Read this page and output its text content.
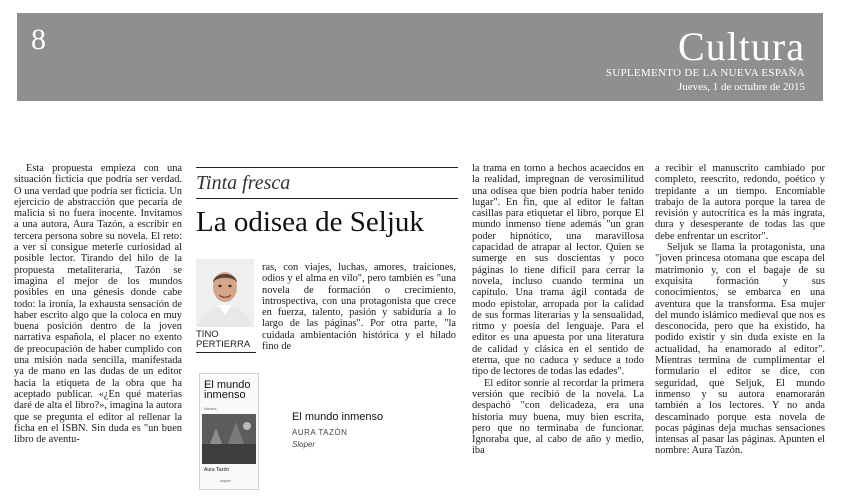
8	Cultura
SUPLEMENTO DE LA NUEVA ESPAÑA
Jueves, 1 de octubre de 2015

Esta propuesta empieza con una situación ficticia que podría ser verdad. O una verdad que podría ser ficticia. Un ejercicio de abstracción que pecaría de malicia si no fuera inocente. Invitamos a una autora, Aura Tazón, a escribir en tercera persona sobre su novela. El reto: a ver si consigue meterle curiosidad al posible lector. Tirando del hilo de la propuesta metaliteraria, Tazón se imagina el mejor de los mundos posibles en una génesis donde cabe todo: la ironía, la exhausta sensación de haber escrito algo que la coloca en muy buena posición dentro de la joven narrativa española, el placer no exento de preocupación de haber cumplido con una misión nada sencilla, manifestada ya de mano en las dudas de un editor hacia la etiqueta de la obra que ha aceptado publicar. «¿En qué materias daré de alta el libro?», imagina la autora que se pregunta el editor al rellenar la ficha en el ISBN. Sin duda es "un buen libro de aventu-

Tinta fresca
La odisea de Seljuk
TINO
PERTIERRA

ras, con viajes, luchas, amores, traiciones, odios y el alma en vilo", pero también es "una novela de formación o crecimiento, introspectiva, con una protagonista que crece en fuerza, talento, pasión y sabiduría a lo largo de las páginas". Por otra parte, "la cuidada ambientación histórica y el hilado fino de

El mundo inmenso
Novela
Aura Tazón
sloper
El mundo inmenso
AURA TAZÓN
Sloper

la trama en torno a hechos acaecidos en la realidad, impregnan de verosimilitud una odisea que bien podría haber tenido lugar". En fin, que al editor le faltan casillas para etiquetar el libro, porque El mundo inmenso tiene además "un gran poder hipnótico, una maravillosa capacidad de atrapar al lector. Quien se sumerge en sus doscientas y poco páginas lo tiene difícil para cerrar la novela, incluso cuando termina un capítulo. Una trama ágil contada de modo epistolar, arropada por la calidad de sus formas literarias y la sensualidad, ritmo y poesía del lenguaje. Para el editor es una apuesta por una literatura de calidad y clásica en el sentido de eterna, que no caduca y seduce a todo tipo de lectores de todas las edades".

El editor sonríe al recordar la primera versión que recibió de la novela. La despachó "con delicadeza, era una historia muy buena, muy bien escrita, pero que no terminaba de funcionar. Ignoraba que, al cabo de año y medio, iba

a recibir el manuscrito cambiado por completo, reescrito, redondo, poético y trepidante a un tiempo. Encomiable trabajo de la autora porque la tarea de revisión y autocrítica es la más ingrata, dura y desesperante de todas las que debe enfrentar un escritor".

Seljuk se llama la protagonista, una "joven princesa otomana que escapa del matrimonio y, con el bagaje de su exquisita formación y sus conocimientos, se embarca en una aventura que la transforma. Esa mujer del mundo islámico medieval que nos es desconocida, pero que ha existido, ha podido existir y sin duda existe en la actualidad, ha enamorado al editor". Mientras termina de cumplimentar el formulario el editor se dice, con seguridad, que Seljuk, El mundo inmenso y su autora enamorarán también a los lectores. Y no anda descaminado porque esta novela de pocas páginas deja muchas sensaciones intensas al pasar las páginas. Apunten el nombre: Aura Tazón.
